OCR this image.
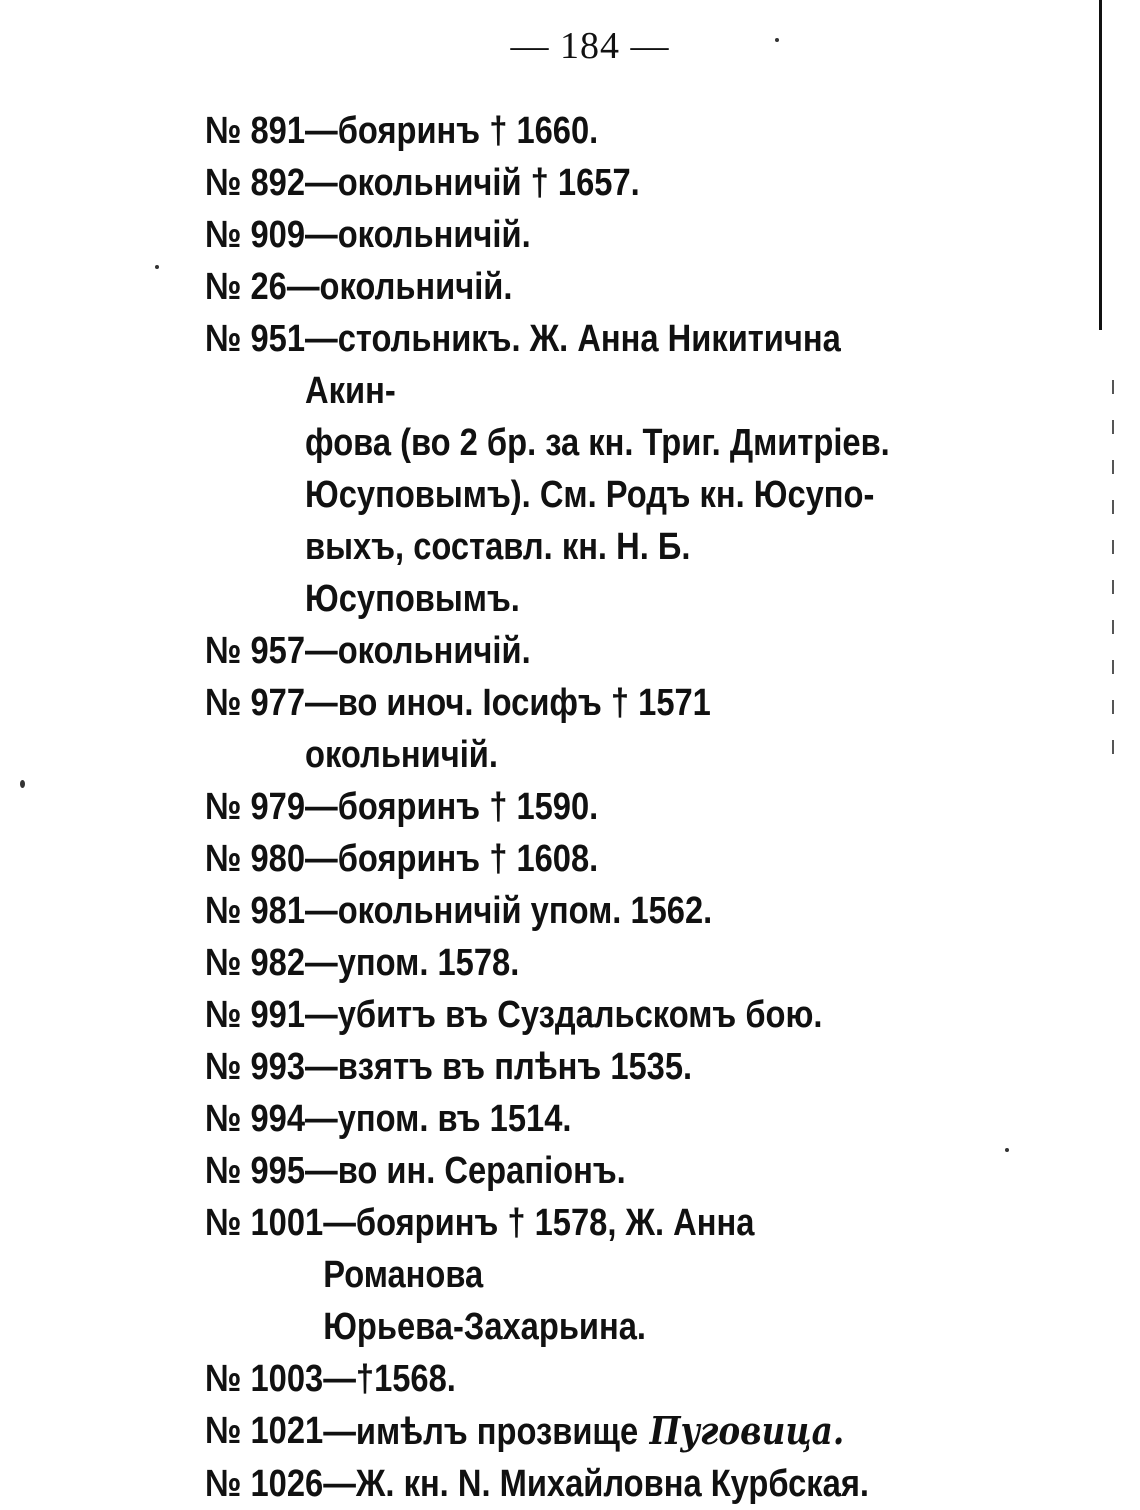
— 184 —
№ 891 —бояринъ † 1660.
№ 892 —окольничій † 1657.
№ 909 —окольничій.
№ 26 —окольничій.
№ 951 —стольникъ. Ж. Анна Никитична Акин-
фова (во 2 бр. за кн. Триг. Дмитріев.
Юсуповымъ). См. Родъ кн. Юсупо-
выхъ, составл. кн. Н. Б. Юсуповымъ.
№ 957 —окольничій.
№ 977 —во иноч. Іосифъ † 1571 окольничій.
№ 979 —бояринъ † 1590.
№ 980 —бояринъ † 1608.
№ 981 —окольничій упом. 1562.
№ 982 —упом. 1578.
№ 991 —убитъ въ Суздальскомъ бою.
№ 993 —взятъ въ плѣнъ 1535.
№ 994 —упом. въ 1514.
№ 995 —во ин. Серапіонъ.
№ 1001 —бояринъ † 1578, Ж. Анна Романова
Юрьева-Захарьина.
№ 1003 —†1568.
№ 1021 —имѣлъ прозвище Пуговица.
№ 1026 —Ж. кн. N. Михайловна Курбская.
